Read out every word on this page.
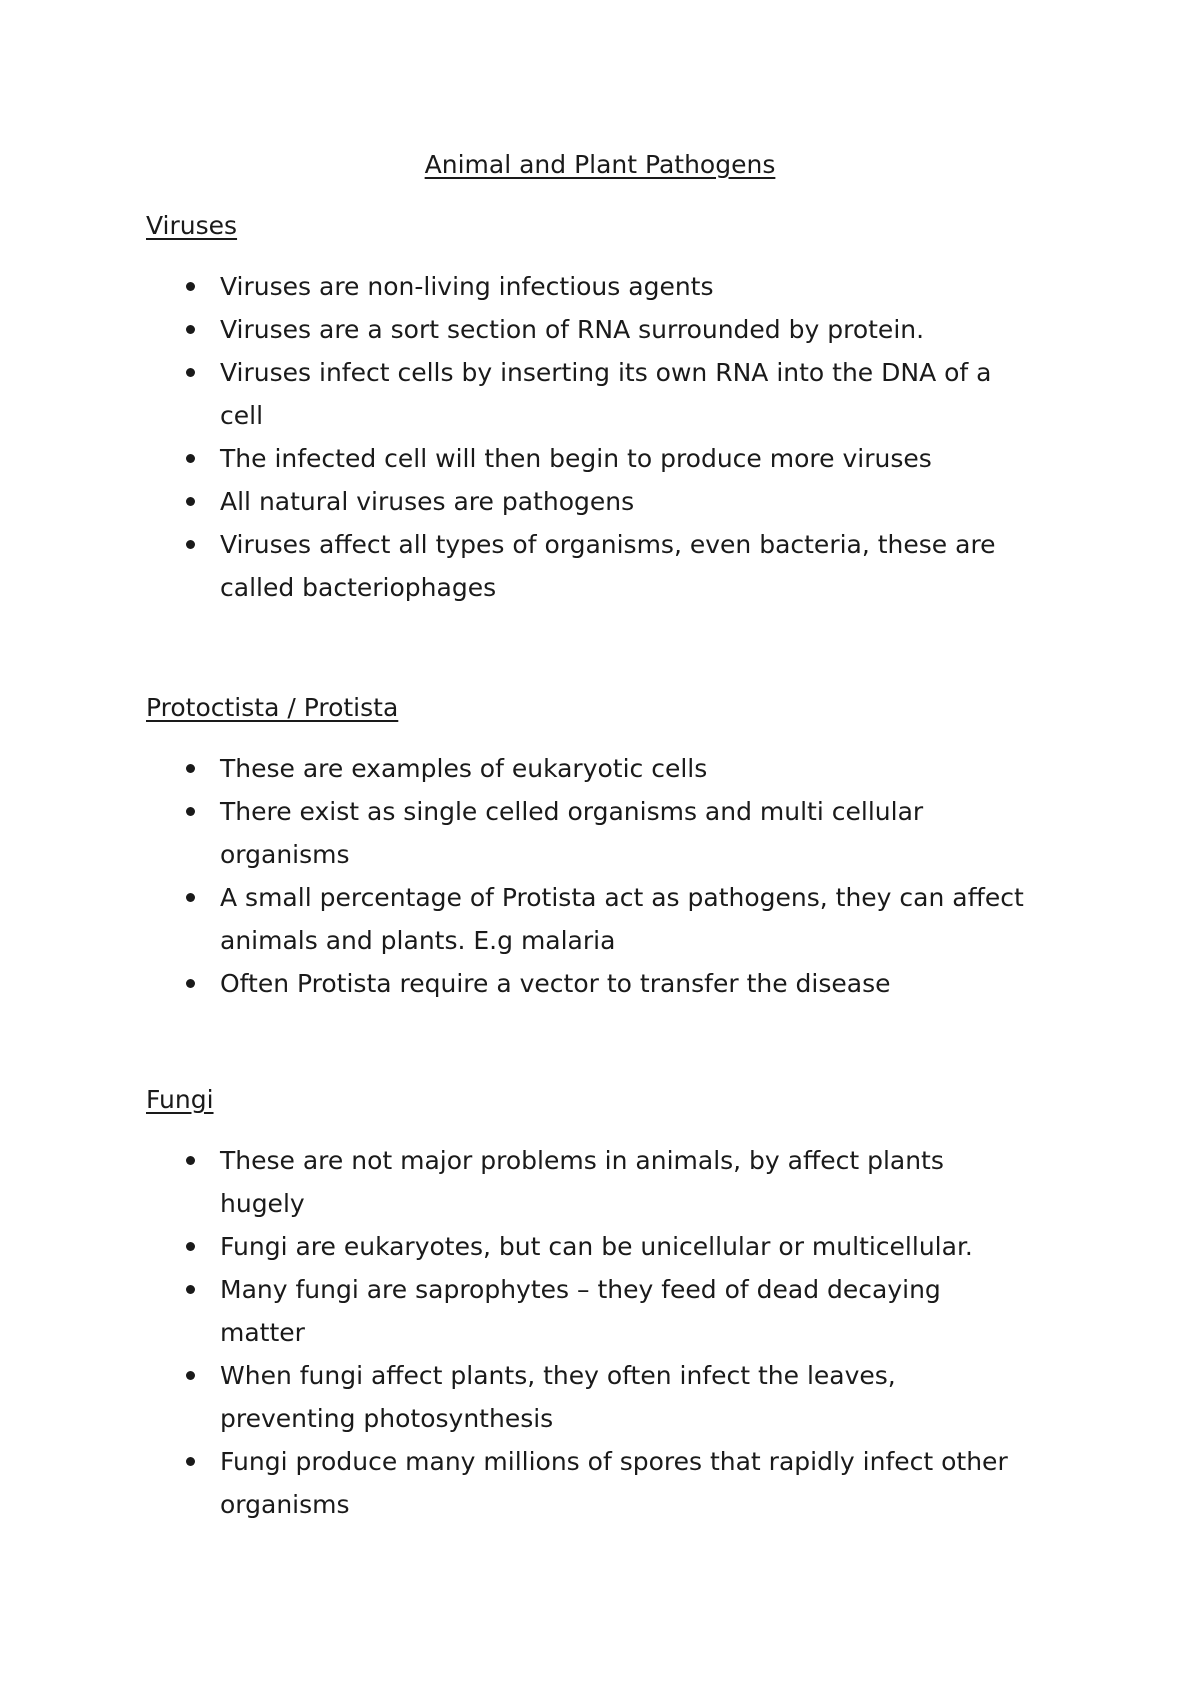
Animal and Plant Pathogens
Viruses
Viruses are non-living infectious agents
Viruses are a sort section of RNA surrounded by protein.
Viruses infect cells by inserting its own RNA into the DNA of a cell
The infected cell will then begin to produce more viruses
All natural viruses are pathogens
Viruses affect all types of organisms, even bacteria, these are called bacteriophages
Protoctista / Protista
These are examples of eukaryotic cells
There exist as single celled organisms and multi cellular organisms
A small percentage of Protista act as pathogens, they can affect animals and plants. E.g malaria
Often Protista require a vector to transfer the disease
Fungi
These are not major problems in animals, by affect plants hugely
Fungi are eukaryotes, but can be unicellular or multicellular.
Many fungi are saprophytes – they feed of dead decaying matter
When fungi affect plants, they often infect the leaves, preventing photosynthesis
Fungi produce many millions of spores that rapidly infect other organisms
